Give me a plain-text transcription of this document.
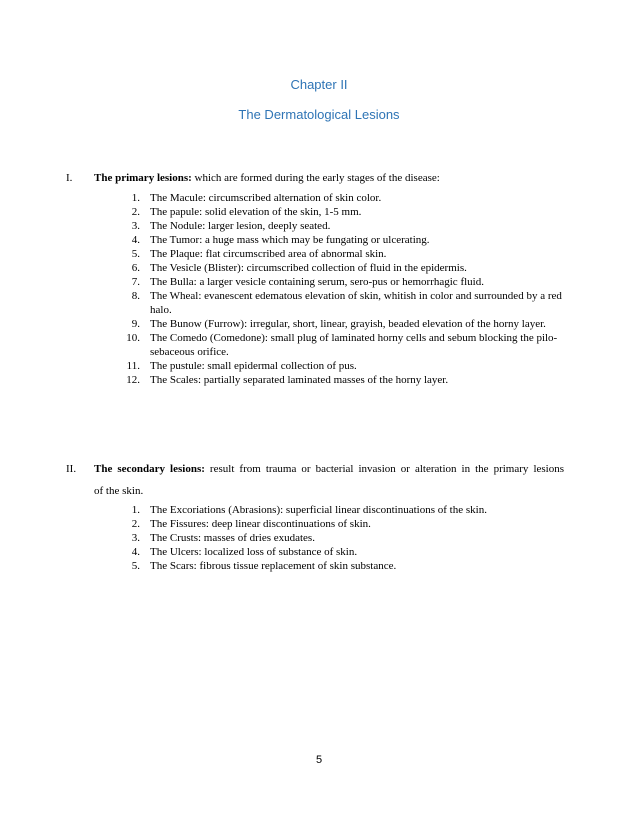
Chapter II
The Dermatological Lesions
I. The primary lesions: which are formed during the early stages of the disease:
1. The Macule: circumscribed alternation of skin color.
2. The papule: solid elevation of the skin, 1-5 mm.
3. The Nodule: larger lesion, deeply seated.
4. The Tumor: a huge mass which may be fungating or ulcerating.
5. The Plaque: flat circumscribed area of abnormal skin.
6. The Vesicle (Blister): circumscribed collection of fluid in the epidermis.
7. The Bulla: a larger vesicle containing serum, sero-pus or hemorrhagic fluid.
8. The Wheal: evanescent edematous elevation of skin, whitish in color and surrounded by a red halo.
9. The Bunow (Furrow): irregular, short, linear, grayish, beaded elevation of the horny layer.
10. The Comedo (Comedone): small plug of laminated horny cells and sebum blocking the pilo-sebaceous orifice.
11. The pustule: small epidermal collection of pus.
12. The Scales: partially separated laminated masses of the horny layer.
II. The secondary lesions: result from trauma or bacterial invasion or alteration in the primary lesions
of the skin.
1. The Excoriations (Abrasions): superficial linear discontinuations of the skin.
2. The Fissures: deep linear discontinuations of skin.
3. The Crusts: masses of dries exudates.
4. The Ulcers: localized loss of substance of skin.
5. The Scars: fibrous tissue replacement of skin substance.
5
